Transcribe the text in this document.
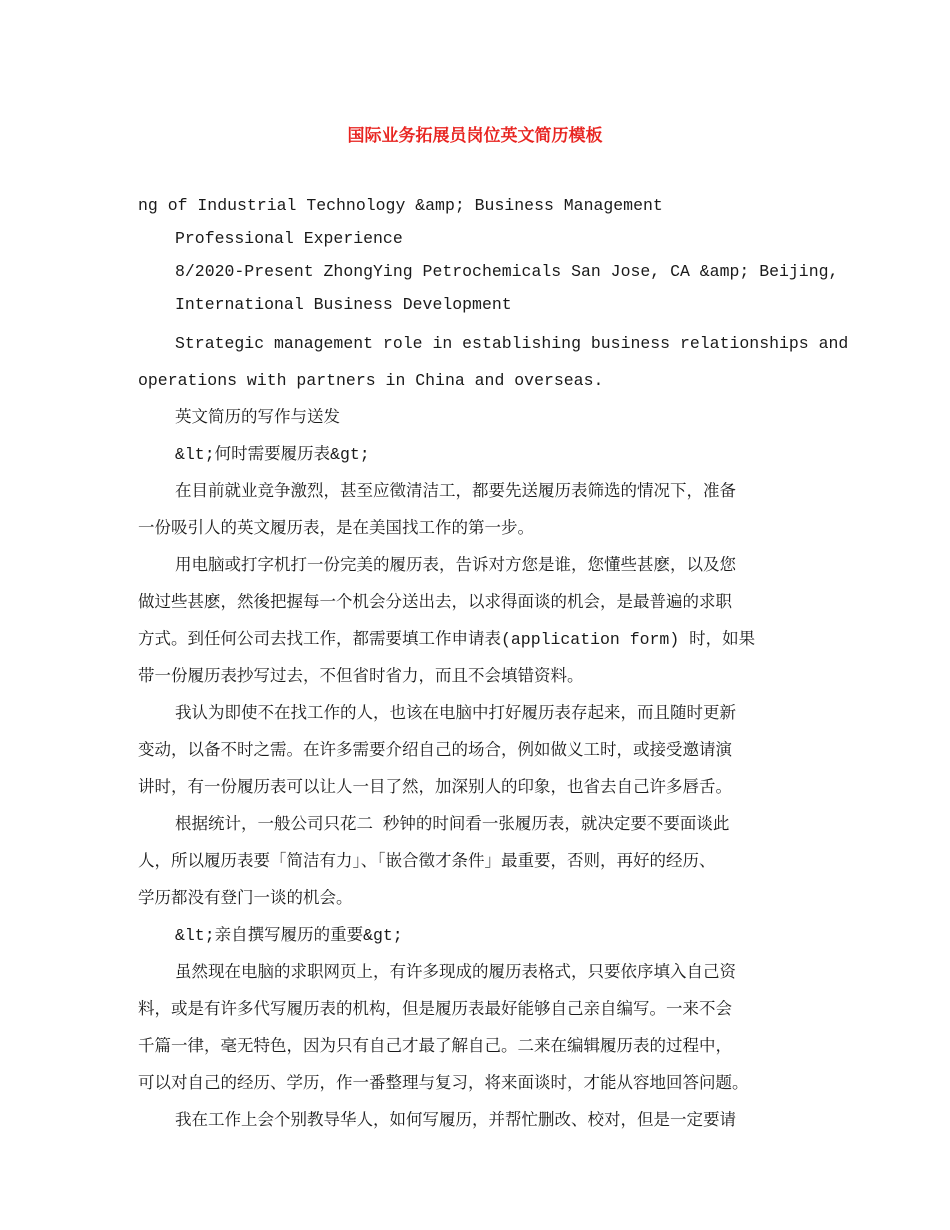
国际业务拓展员岗位英文简历模板
ng of Industrial Technology &amp; Business Management
Professional Experience
8/2020-Present ZhongYing Petrochemicals San Jose, CA &amp; Beijing,
International Business Development
Strategic management role in establishing business relationships and
operations with partners in China and overseas.
英文简历的写作与送发
&lt;何时需要履历表&gt;
在目前就业竞争激烈，甚至应徵清洁工，都要先送履历表筛选的情况下，准备
一份吸引人的英文履历表，是在美国找工作的第一步。
用电脑或打字机打一份完美的履历表，告诉对方您是谁，您懂些甚麽，以及您
做过些甚麽，然後把握每一个机会分送出去，以求得面谈的机会，是最普遍的求职
方式。到任何公司去找工作，都需要填工作申请表(application form) 时，如果
带一份履历表抄写过去，不但省时省力，而且不会填错资料。
我认为即使不在找工作的人，也该在电脑中打好履历表存起来，而且随时更新
变动，以备不时之需。在许多需要介绍自己的场合，例如做义工时，或接受邀请演
讲时，有一份履历表可以让人一目了然，加深别人的印象，也省去自己许多唇舌。
根据统计，一般公司只花二 秒钟的时间看一张履历表，就决定要不要面谈此
人，所以履历表要「简洁有力」、「嵌合徵才条件」最重要，否则，再好的经历、
学历都没有登门一谈的机会。
&lt;亲自撰写履历的重要&gt;
虽然现在电脑的求职网页上，有许多现成的履历表格式，只要依序填入自己资
料，或是有许多代写履历表的机构，但是履历表最好能够自己亲自编写。一来不会
千篇一律，毫无特色，因为只有自己才最了解自己。二来在编辑履历表的过程中，
可以对自己的经历、学历，作一番整理与复习，将来面谈时，才能从容地回答问题。
我在工作上会个别教导华人，如何写履历，并帮忙删改、校对，但是一定要请
